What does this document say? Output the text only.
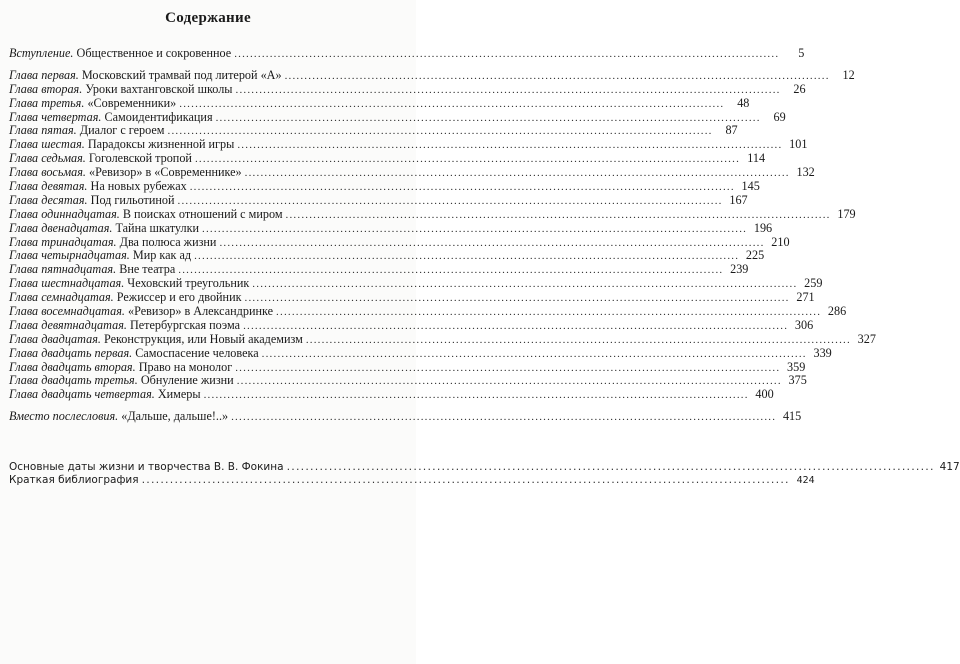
Содержание
Вступление. Общественное и сокровенное .....	5
Глава первая. Московский трамвай под литерой «А» .....	12
Глава вторая. Уроки вахтанговской школы .....	26
Глава третья. «Современники» .....	48
Глава четвертая. Самоидентификация .....	69
Глава пятая. Диалог с героем .....	87
Глава шестая. Парадоксы жизненной игры .....	101
Глава седьмая. Гоголевской тропой .....	114
Глава восьмая. «Ревизор» в «Современнике» .....	132
Глава девятая. На новых рубежах .....	145
Глава десятая. Под гильотиной .....	167
Глава одиннадцатая. В поисках отношений с миром .....	179
Глава двенадцатая. Тайна шкатулки .....	196
Глава тринадцатая. Два полюса жизни .....	210
Глава четырнадцатая. Мир как ад .....	225
Глава пятнадцатая. Вне театра .....	239
Глава шестнадцатая. Чеховский треугольник .....	259
Глава семнадцатая. Режиссер и его двойник .....	271
Глава восемнадцатая. «Ревизор» в Александринке .....	286
Глава девятнадцатая. Петербургская поэма .....	306
Глава двадцатая. Реконструкция, или Новый академизм .....	327
Глава двадцать первая. Самоспасение человека .....	339
Глава двадцать вторая. Право на монолог .....	359
Глава двадцать третья. Обнуление жизни .....	375
Глава двадцать четвертая. Химеры .....	400
Вместо послесловия. «Дальше, дальше!..» .....	415
Основные даты жизни и творчества В. В. Фокина .....	417
Краткая библиография .....	424
